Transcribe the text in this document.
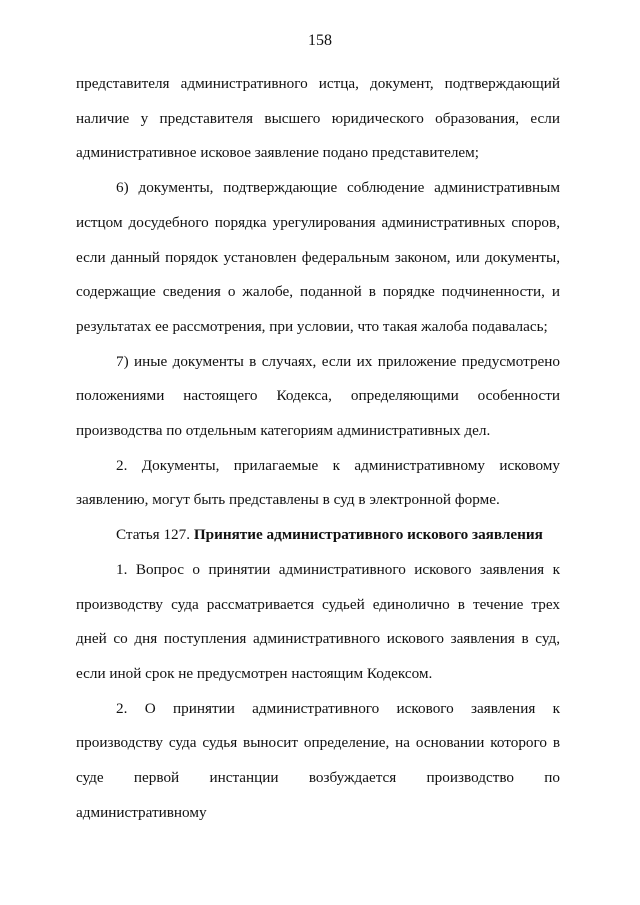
158

представителя административного истца, документ, подтверждающий наличие у представителя высшего юридического образования, если административное исковое заявление подано представителем;

6) документы, подтверждающие соблюдение административным истцом досудебного порядка урегулирования административных споров, если данный порядок установлен федеральным законом, или документы, содержащие сведения о жалобе, поданной в порядке подчиненности, и результатах ее рассмотрения, при условии, что такая жалоба подавалась;

7) иные документы в случаях, если их приложение предусмотрено положениями настоящего Кодекса, определяющими особенности производства по отдельным категориям административных дел.

2. Документы, прилагаемые к административному исковому заявлению, могут быть представлены в суд в электронной форме.

Статья 127. Принятие административного искового заявления

1. Вопрос о принятии административного искового заявления к производству суда рассматривается судьей единолично в течение трех дней со дня поступления административного искового заявления в суд, если иной срок не предусмотрен настоящим Кодексом.

2. О принятии административного искового заявления к производству суда судья выносит определение, на основании которого в суде первой инстанции возбуждается производство по административному
